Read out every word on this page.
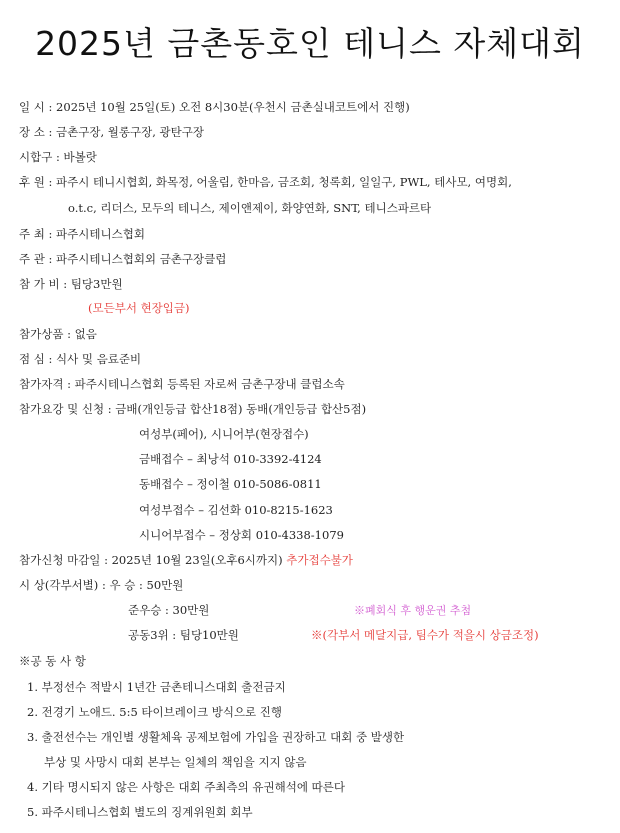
2025년 금촌동호인 테니스 자체대회
일 시 : 2025년 10월 25일(토) 오전 8시30분(우천시 금촌실내코트에서 진행)
장 소 : 금촌구장, 월롱구장, 광탄구장
시합구 : 바볼랏
후 원 : 파주시 테니시협회, 화목정, 어울림, 한마음, 금조회, 청록회, 일일구, PWL, 테사모, 여명회,
o.t.c, 리더스, 모두의 테니스, 제이앤제이, 화양연화, SNT, 테니스파르타
주 최 : 파주시테니스협회
주 관 : 파주시테니스협회외 금촌구장클럽
참 가 비 : 팀당3만원
(모든부서 현장입금)
참가상품 : 없음
점 심 : 식사 및 음료준비
참가자격 : 파주시테니스협회 등록된 자로써 금촌구장내 클럽소속
참가요강 및 신청 : 금배(개인등급 합산18점) 동배(개인등급 합산5점)
여성부(페어), 시니어부(현장접수)
금배접수 – 최낭석 010-3392-4124
동배접수 – 정이철 010-5086-0811
여성부접수 – 김선화 010-8215-1623
시니어부접수 – 정상회 010-4338-1079
참가신청 마감일 : 2025년 10월 23일(오후6시까지) 추가접수불가
시 상(각부서별) : 우 승 : 50만원
준우승 : 30만원	※폐회식 후 행운권 추첨
공동3위 : 팀당10만원	※(각부서 메달지급, 팀수가 적을시 상금조정)
※공 동 사 항
1. 부정선수 적발시 1년간 금촌테니스대회 출전금지
2. 전경기 노애드. 5:5 타이브레이크 방식으로 진행
3. 출전선수는 개인별 생활체육 공제보험에 가입을 권장하고 대회 중 발생한
부상 및 사망시 대회 본부는 일체의 책임을 지지 않음
4. 기타 명시되지 않은 사항은 대회 주최측의 유권해석에 따른다
5. 파주시테니스협회 별도의 징계위원회 회부
